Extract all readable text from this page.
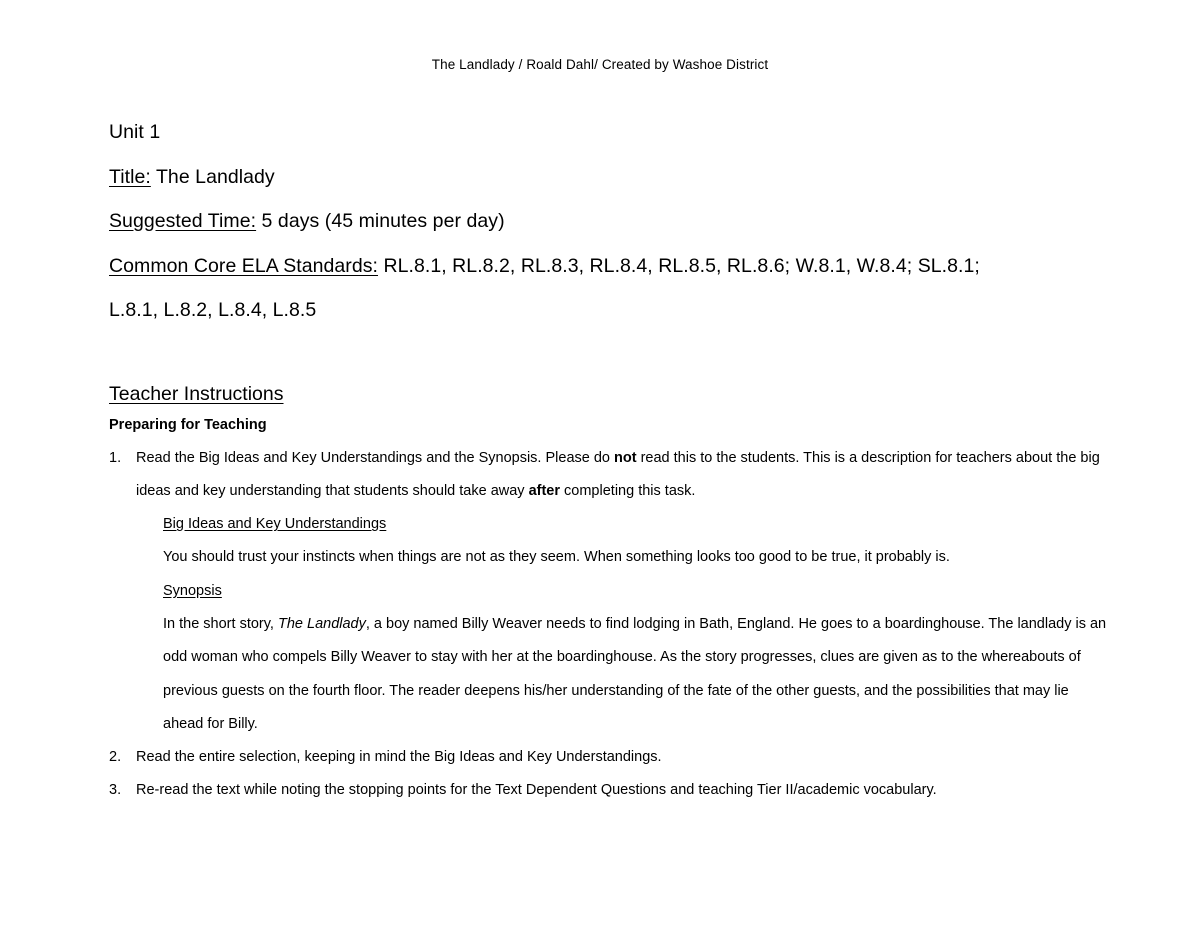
The Landlady / Roald Dahl/ Created by Washoe District
Unit 1
Title: The Landlady
Suggested Time: 5 days (45 minutes per day)
Common Core ELA Standards: RL.8.1, RL.8.2, RL.8.3, RL.8.4, RL.8.5, RL.8.6; W.8.1, W.8.4; SL.8.1;
L.8.1, L.8.2, L.8.4, L.8.5
Teacher Instructions
Preparing for Teaching
1. Read the Big Ideas and Key Understandings and the Synopsis. Please do not read this to the students. This is a description for teachers about the big ideas and key understanding that students should take away after completing this task.
Big Ideas and Key Understandings
You should trust your instincts when things are not as they seem. When something looks too good to be true, it probably is.
Synopsis
In the short story, The Landlady, a boy named Billy Weaver needs to find lodging in Bath, England. He goes to a boardinghouse. The landlady is an odd woman who compels Billy Weaver to stay with her at the boardinghouse. As the story progresses, clues are given as to the whereabouts of previous guests on the fourth floor. The reader deepens his/her understanding of the fate of the other guests, and the possibilities that may lie ahead for Billy.
2. Read the entire selection, keeping in mind the Big Ideas and Key Understandings.
3. Re-read the text while noting the stopping points for the Text Dependent Questions and teaching Tier II/academic vocabulary.
